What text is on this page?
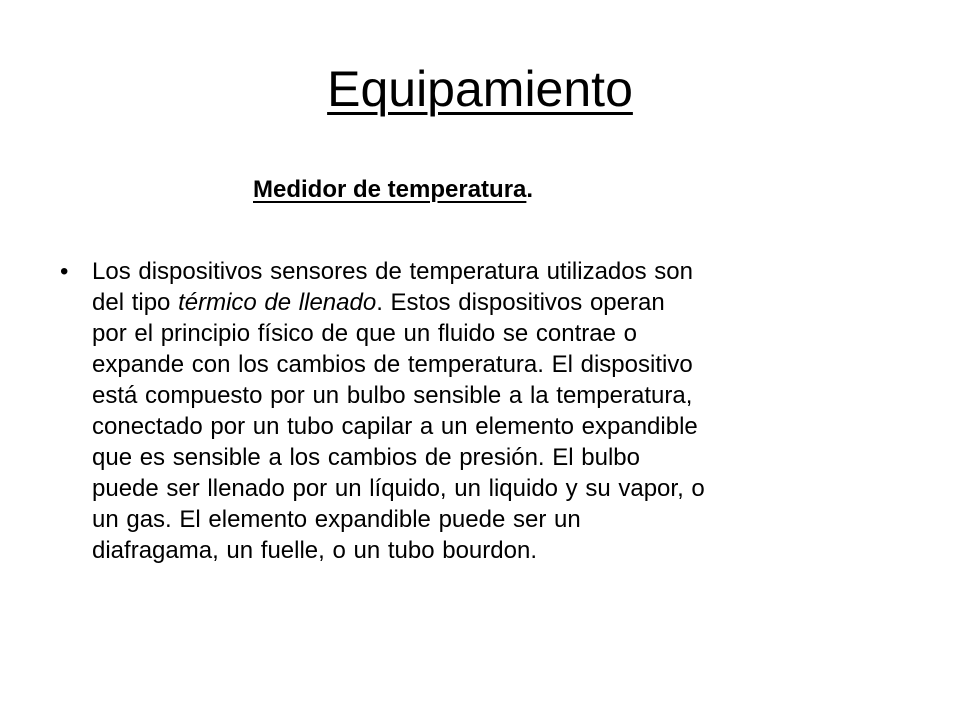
Equipamiento

Medidor de temperatura.

• Los dispositivos sensores de temperatura utilizados son
del tipo térmico de llenado. Estos dispositivos operan
por el principio físico de que un fluido se contrae o
expande con los cambios de temperatura. El dispositivo
está compuesto por un bulbo sensible a la temperatura,
conectado por un tubo capilar a un elemento expandible
que es sensible a los cambios de presión. El bulbo
puede ser llenado por un líquido, un liquido y su vapor, o
un gas. El elemento expandible puede ser un
diafragama, un fuelle, o un tubo bourdon.
